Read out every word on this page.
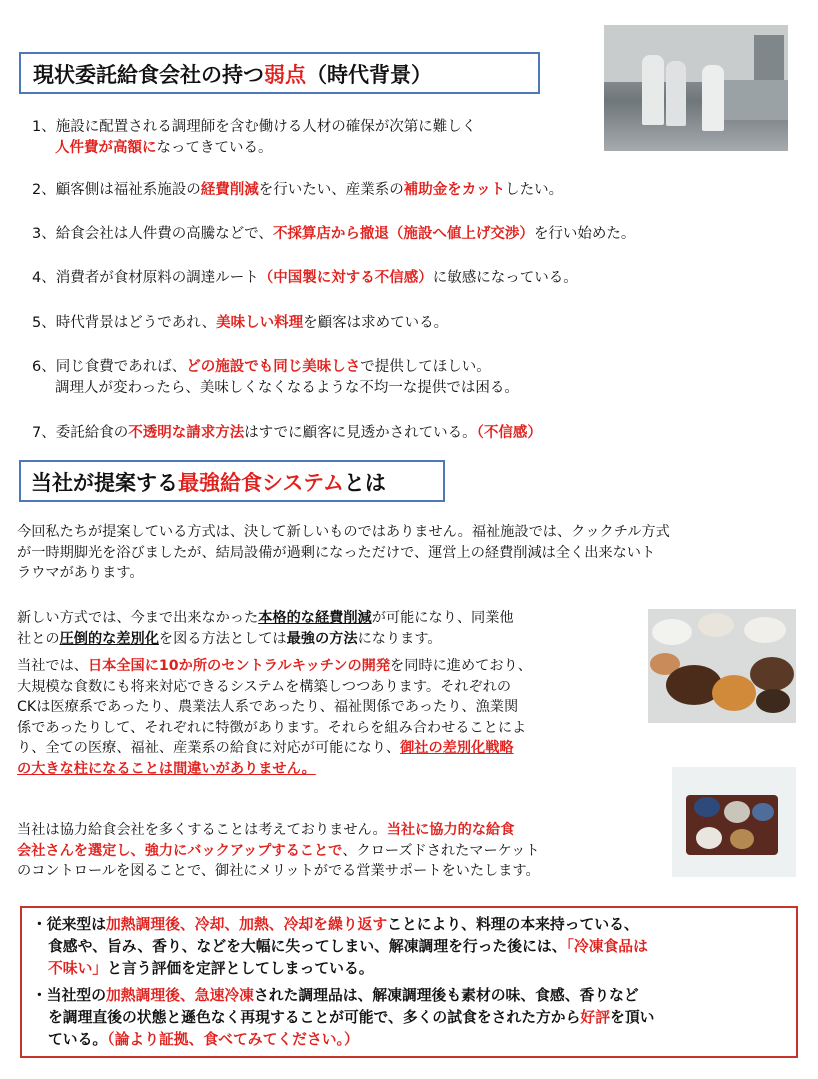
現状委託給食会社の持つ弱点（時代背景）
1、施設に配置される調理師を含む働ける人材の確保が次第に難しく
人件費が高額になってきている。
2、顧客側は福祉系施設の経費削減を行いたい、産業系の補助金をカットしたい。
3、給食会社は人件費の高騰などで、不採算店から撤退（施設へ値上げ交渉）を行い始めた。
4、消費者が食材原料の調達ルート（中国製に対する不信感）に敏感になっている。
5、時代背景はどうであれ、美味しい料理を顧客は求めている。
6、同じ食費であれば、どの施設でも同じ美味しさで提供してほしい。
調理人が変わったら、美味しくなくなるような不均一な提供では困る。
7、委託給食の不透明な請求方法はすでに顧客に見透かされている。（不信感）
当社が提案する最強給食システムとは
今回私たちが提案している方式は、決して新しいものではありません。福祉施設では、クックチル方式
が一時期脚光を浴びましたが、結局設備が過剰になっただけで、運営上の経費削減は全く出来ないト
ラウマがあります。
新しい方式では、今まで出来なかった本格的な経費削減が可能になり、同業他
社との圧倒的な差別化を図る方法としては最強の方法になります。
当社では、日本全国に10か所のセントラルキッチンの開発を同時に進めており、
大規模な食数にも将来対応できるシステムを構築しつつあります。それぞれの
CKは医療系であったり、農業法人系であったり、福祉関係であったり、漁業関
係であったりして、それぞれに特徴があります。それらを組み合わせることによ
り、全ての医療、福祉、産業系の給食に対応が可能になり、御社の差別化戦略
の大きな柱になることは間違いがありません。
当社は協力給食会社を多くすることは考えておりません。当社に協力的な給食
会社さんを選定し、強力にバックアップすることで、クローズドされたマーケット
のコントロールを図ることで、御社にメリットがでる営業サポートをいたします。
・従来型は加熱調理後、冷却、加熱、冷却を繰り返すことにより、料理の本来持っている、
食感や、旨み、香り、などを大幅に失ってしまい、解凍調理を行った後には、「冷凍食品は
不味い」と言う評価を定評としてしまっている。
・当社型の加熱調理後、急速冷凍された調理品は、解凍調理後も素材の味、食感、香りなど
を調理直後の状態と遜色なく再現することが可能で、多くの試食をされた方から好評を頂い
ている。（論より証拠、食べてみてください。）
